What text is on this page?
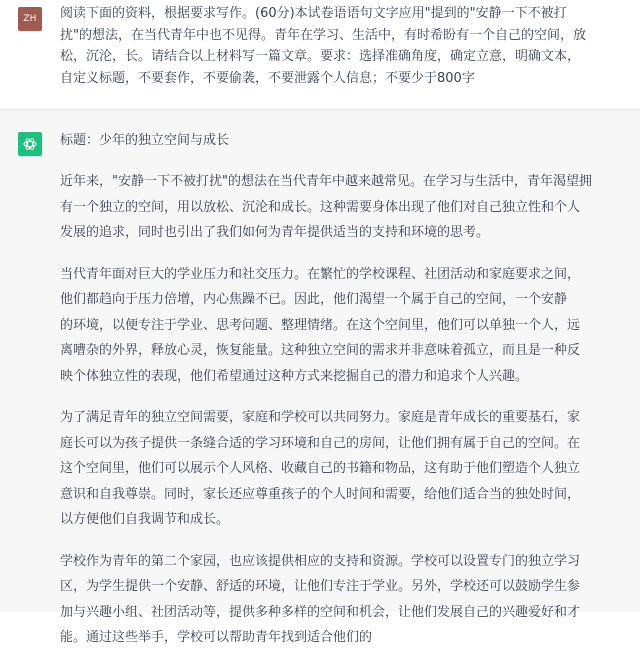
ZH	阅读下面的资料，根据要求写作。(60分)本试卷语语句文字应用"提到的"安静一下不被打
扰"的想法，在当代青年中也不见得。青年在学习、生活中，有时希盼有一个自己的空间，放
松，沉沦，长。请结合以上材料写一篇文章。要求：选择准确角度，确定立意，明确文本，
自定义标题，不要套作，不要偷袭，不要泄露个人信息；不要少于800字
标题：少年的独立空间与成长
近年来，"安静一下不被打扰"的想法在当代青年中越来越常见。在学习与生活中，青年渴望拥
有一个独立的空间，用以放松、沉沦和成长。这种需要身体出现了他们对自己独立性和个人
发展的追求，同时也引出了我们如何为青年提供适当的支持和环境的思考。
当代青年面对巨大的学业压力和社交压力。在繁忙的学校课程、社团活动和家庭要求之间，
他们都趋向于压力倍增，内心焦躁不已。因此，他们渴望一个属于自己的空间，一个安静
的环境，以便专注于学业、思考问题、整理情绪。在这个空间里，他们可以单独一个人，远
离嘈杂的外界，释放心灵，恢复能量。这种独立空间的需求并非意味着孤立，而且是一种反
映个体独立性的表现，他们希望通过这种方式来挖掘自己的潜力和追求个人兴趣。
为了满足青年的独立空间需要，家庭和学校可以共同努力。家庭是青年成长的重要基石，家
庭长可以为孩子提供一条缝合适的学习环境和自己的房间，让他们拥有属于自己的空间。在
这个空间里，他们可以展示个人风格、收藏自己的书籍和物品，这有助于他们塑造个人独立
意识和自我尊崇。同时，家长还应尊重孩子的个人时间和需要，给他们适合当的独处时间，
以方便他们自我调节和成长。
学校作为青年的第二个家园，也应该提供相应的支持和资源。学校可以设置专门的独立学习
区，为学生提供一个安静、舒适的环境，让他们专注于学业。另外，学校还可以鼓励学生参
加与兴趣小组、社团活动等，提供多种多样的空间和机会，让他们发展自己的兴趣爱好和才
能。通过这些举手，学校可以帮助青年找到适合他们的
